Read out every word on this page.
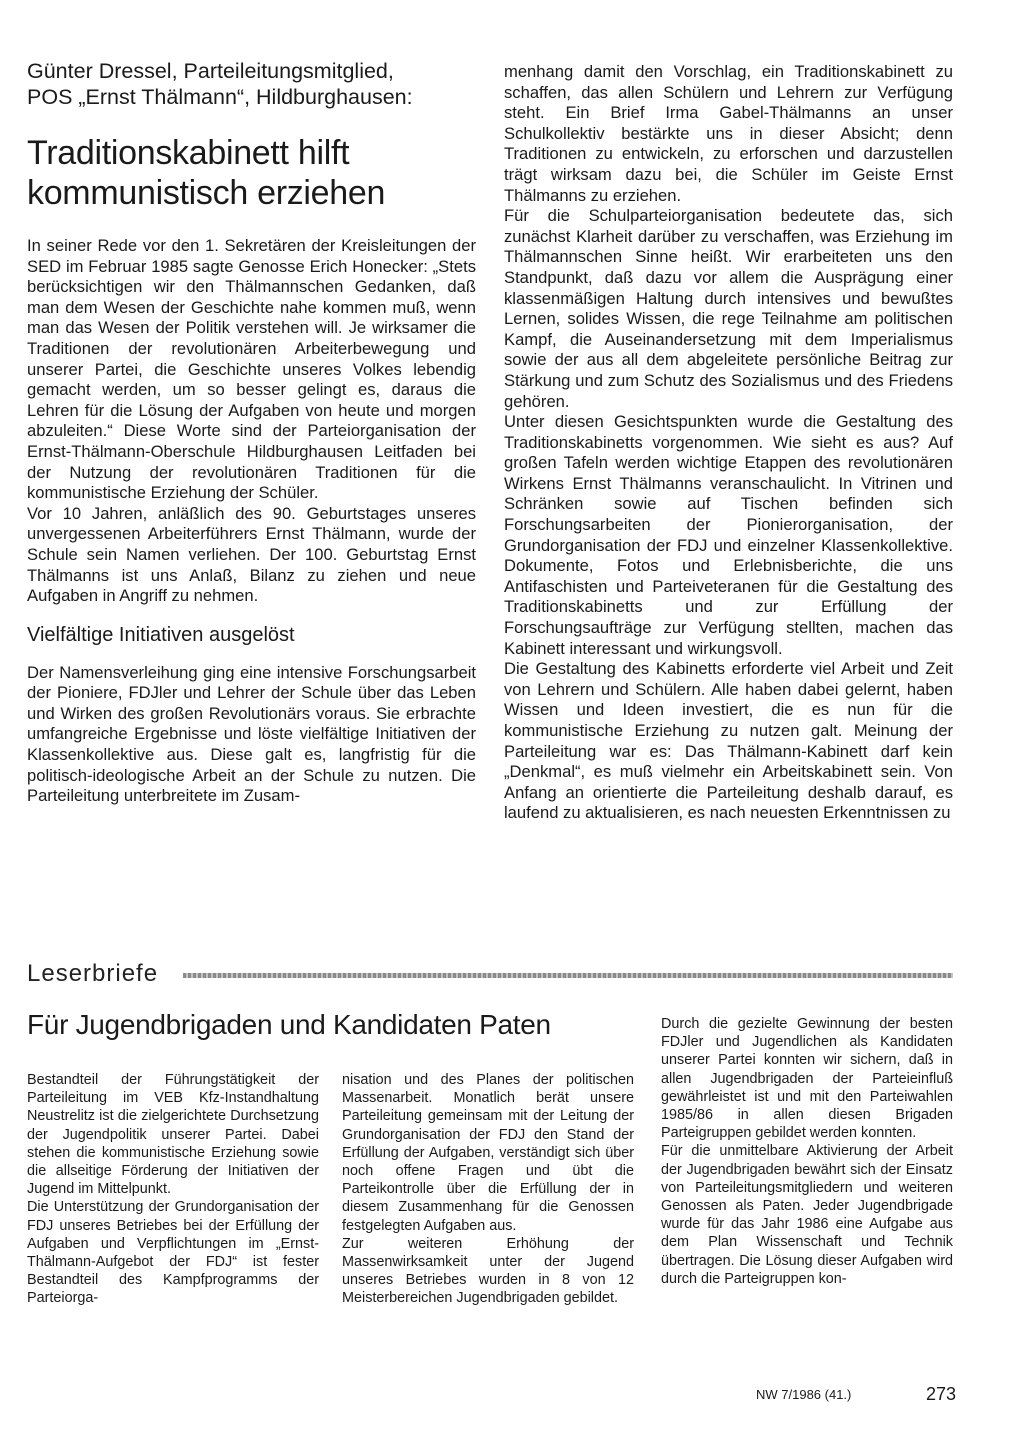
Günter Dressel, Parteileitungsmitglied,
POS „Ernst Thälmann“, Hildburghausen:
Traditionskabinett hilft
kommunistisch erziehen

In seiner Rede vor den 1. Sekretären der Kreisleitungen der SED im Februar 1985 sagte Genosse Erich Honecker: „Stets berücksichtigen wir den Thälmannschen Gedanken, daß man dem Wesen der Geschichte nahe kommen muß, wenn man das Wesen der Politik verstehen will. Je wirksamer die Traditionen der revolutionären Arbeiterbewegung und unserer Partei, die Geschichte unseres Volkes lebendig gemacht werden, um so besser gelingt es, daraus die Lehren für die Lösung der Aufgaben von heute und morgen abzuleiten.“ Diese Worte sind der Parteiorganisation der Ernst-Thälmann-Oberschule Hildburghausen Leitfaden bei der Nutzung der revolutionären Traditionen für die kommunistische Erziehung der Schüler.

Vor 10 Jahren, anläßlich des 90. Geburtstages unseres unvergessenen Arbeiterführers Ernst Thälmann, wurde der Schule sein Namen verliehen. Der 100. Geburtstag Ernst Thälmanns ist uns Anlaß, Bilanz zu ziehen und neue Aufgaben in Angriff zu nehmen.

Vielfältige Initiativen ausgelöst

Der Namensverleihung ging eine intensive Forschungsarbeit der Pioniere, FDJler und Lehrer der Schule über das Leben und Wirken des großen Revolutionärs voraus. Sie erbrachte umfangreiche Ergebnisse und löste vielfältige Initiativen der Klassenkollektive aus. Diese galt es, langfristig für die politisch-ideologische Arbeit an der Schule zu nutzen. Die Parteileitung unterbreitete im Zusam-

menhang damit den Vorschlag, ein Traditionskabinett zu schaffen, das allen Schülern und Lehrern zur Verfügung steht. Ein Brief Irma Gabel-Thälmanns an unser Schulkollektiv bestärkte uns in dieser Absicht; denn Traditionen zu entwickeln, zu erforschen und darzustellen trägt wirksam dazu bei, die Schüler im Geiste Ernst Thälmanns zu erziehen.

Für die Schulparteiorganisation bedeutete das, sich zunächst Klarheit darüber zu verschaffen, was Erziehung im Thälmannschen Sinne heißt. Wir erarbeiteten uns den Standpunkt, daß dazu vor allem die Ausprägung einer klassenmäßigen Haltung durch intensives und bewußtes Lernen, solides Wissen, die rege Teilnahme am politischen Kampf, die Auseinandersetzung mit dem Imperialismus sowie der aus all dem abgeleitete persönliche Beitrag zur Stärkung und zum Schutz des Sozialismus und des Friedens gehören.

Unter diesen Gesichtspunkten wurde die Gestaltung des Traditionskabinetts vorgenommen. Wie sieht es aus? Auf großen Tafeln werden wichtige Etappen des revolutionären Wirkens Ernst Thälmanns veranschaulicht. In Vitrinen und Schränken sowie auf Tischen befinden sich Forschungsarbeiten der Pionierorganisation, der Grundorganisation der FDJ und einzelner Klassenkollektive. Dokumente, Fotos und Erlebnisberichte, die uns Antifaschisten und Parteiveteranen für die Gestaltung des Traditionskabinetts und zur Erfüllung der Forschungsaufträge zur Verfügung stellten, machen das Kabinett interessant und wirkungsvoll.

Die Gestaltung des Kabinetts erforderte viel Arbeit und Zeit von Lehrern und Schülern. Alle haben dabei gelernt, haben Wissen und Ideen investiert, die es nun für die kommunistische Erziehung zu nutzen galt. Meinung der Parteileitung war es: Das Thälmann-Kabinett darf kein „Denkmal“, es muß vielmehr ein Arbeitskabinett sein. Von Anfang an orientierte die Parteileitung deshalb darauf, es laufend zu aktualisieren, es nach neuesten Erkenntnissen zu

Leserbriefe
Für Jugendbrigaden und Kandidaten Paten

Bestandteil der Führungstätigkeit der Parteileitung im VEB Kfz-Instandhaltung Neustrelitz ist die zielgerichtete Durchsetzung der Jugendpolitik unserer Partei. Dabei stehen die kommunistische Erziehung sowie die allseitige Förderung der Initiativen der Jugend im Mittelpunkt.

Die Unterstützung der Grundorganisation der FDJ unseres Betriebes bei der Erfüllung der Aufgaben und Verpflichtungen im „Ernst-Thälmann-Aufgebot der FDJ“ ist fester Bestandteil des Kampfprogramms der Parteiorga-

nisation und des Planes der politischen Massenarbeit. Monatlich berät unsere Parteileitung gemeinsam mit der Leitung der Grundorganisation der FDJ den Stand der Erfüllung der Aufgaben, verständigt sich über noch offene Fragen und übt die Parteikontrolle über die Erfüllung der in diesem Zusammenhang für die Genossen festgelegten Aufgaben aus.

Zur weiteren Erhöhung der Massenwirksamkeit unter der Jugend unseres Betriebes wurden in 8 von 12 Meisterbereichen Jugendbrigaden gebildet.

Durch die gezielte Gewinnung der besten FDJler und Jugendlichen als Kandidaten unserer Partei konnten wir sichern, daß in allen Jugendbrigaden der Parteieinfluß gewährleistet ist und mit den Parteiwahlen 1985/86 in allen diesen Brigaden Parteigruppen gebildet werden konnten.

Für die unmittelbare Aktivierung der Arbeit der Jugendbrigaden bewährt sich der Einsatz von Parteileitungsmitgliedern und weiteren Genossen als Paten. Jeder Jugendbrigade wurde für das Jahr 1986 eine Aufgabe aus dem Plan Wissenschaft und Technik übertragen. Die Lösung dieser Aufgaben wird durch die Parteigruppen kon-

NW 7/1986 (41.)	273
